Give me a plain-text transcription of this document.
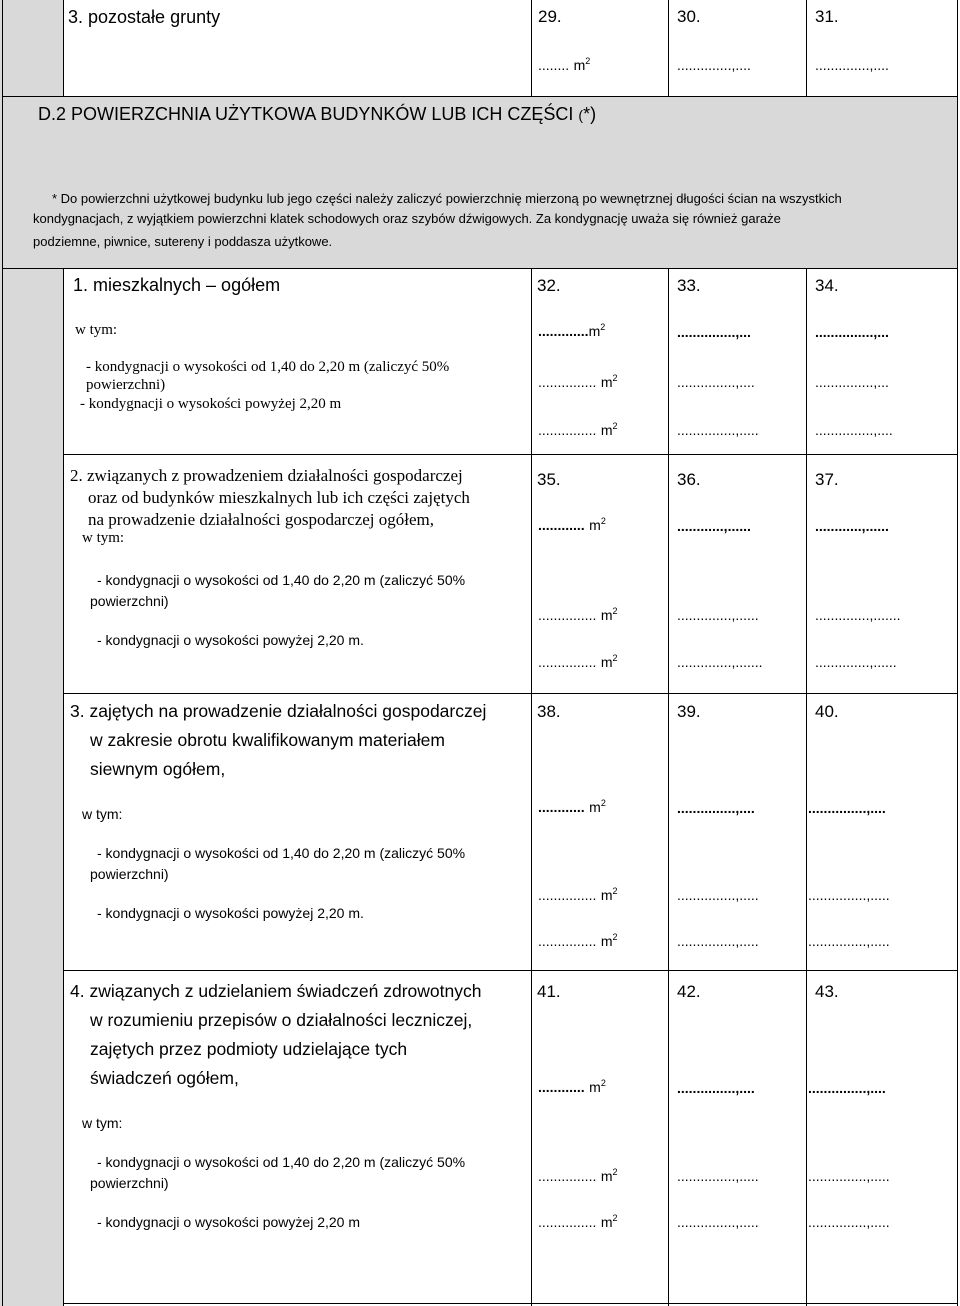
3. pozostałe grunty	29.
........ $m^2$
30.
..............,....
31.
..............,....
D.2 POWIERZCHNIA UŻYTKOWA BUDYNKÓW LUB ICH CZĘŚCI (*)
* Do powierzchni użytkowej budynku lub jego części należy zaliczyć powierzchnię mierzoną po wewnętrznej długości ścian na wszystkich
kondygnacjach, z wyjątkiem powierzchni klatek schodowych oraz szybów dźwigowych. Za kondygnację uważa się również garaże
podziemne, piwnice, sutereny i poddasza użytkowe.
1. mieszkalnych – ogółem
w tym:
- kondygnacji o wysokości od 1,40 do 2,20 m (zaliczyć 50%
powierzchni)
- kondygnacji o wysokości powyżej 2,20 m
32.
$.............m^2$
............... $m^2$
............... $m^2$
33.
...............,...
...............,....
...............,.....
34.
...............,...
...............,...
...............,....
2. związanych z prowadzeniem działalności gospodarczej
oraz od budynków mieszkalnych lub ich części zajętych
na prowadzenie działalności gospodarczej ogółem,
w tym:
- kondygnacji o wysokości od 1,40 do 2,20 m (zaliczyć 50%
powierzchni)
- kondygnacji o wysokości powyżej 2,20 m.
35.
............ $m^2$
............... $m^2$
............... $m^2$
36.
............,......
..............,......
..............,.......
37.
............,......
..............,.......
..............,......
3. zajętych na prowadzenie działalności gospodarczej
w zakresie obrotu kwalifikowanym materiałem
siewnym ogółem,
w tym:
- kondygnacji o wysokości od 1,40 do 2,20 m (zaliczyć 50%
powierzchni)
- kondygnacji o wysokości powyżej 2,20 m.
38.
............ $m^2$
............... $m^2$
............... $m^2$
39.
...............,....
...............,.....
...............,.....
40.
...............,....
...............,.....
...............,.....
4. związanych z udzielaniem świadczeń zdrowotnych
w rozumieniu przepisów o działalności leczniczej,
zajętych przez podmioty udzielające tych
świadczeń ogółem,
w tym:
- kondygnacji o wysokości od 1,40 do 2,20 m (zaliczyć 50%
powierzchni)
- kondygnacji o wysokości powyżej 2,20 m
41.
............ $m^2$
............... $m^2$
............... $m^2$
42.
...............,....
...............,.....
...............,.....
43.
...............,....
...............,.....
...............,.....
